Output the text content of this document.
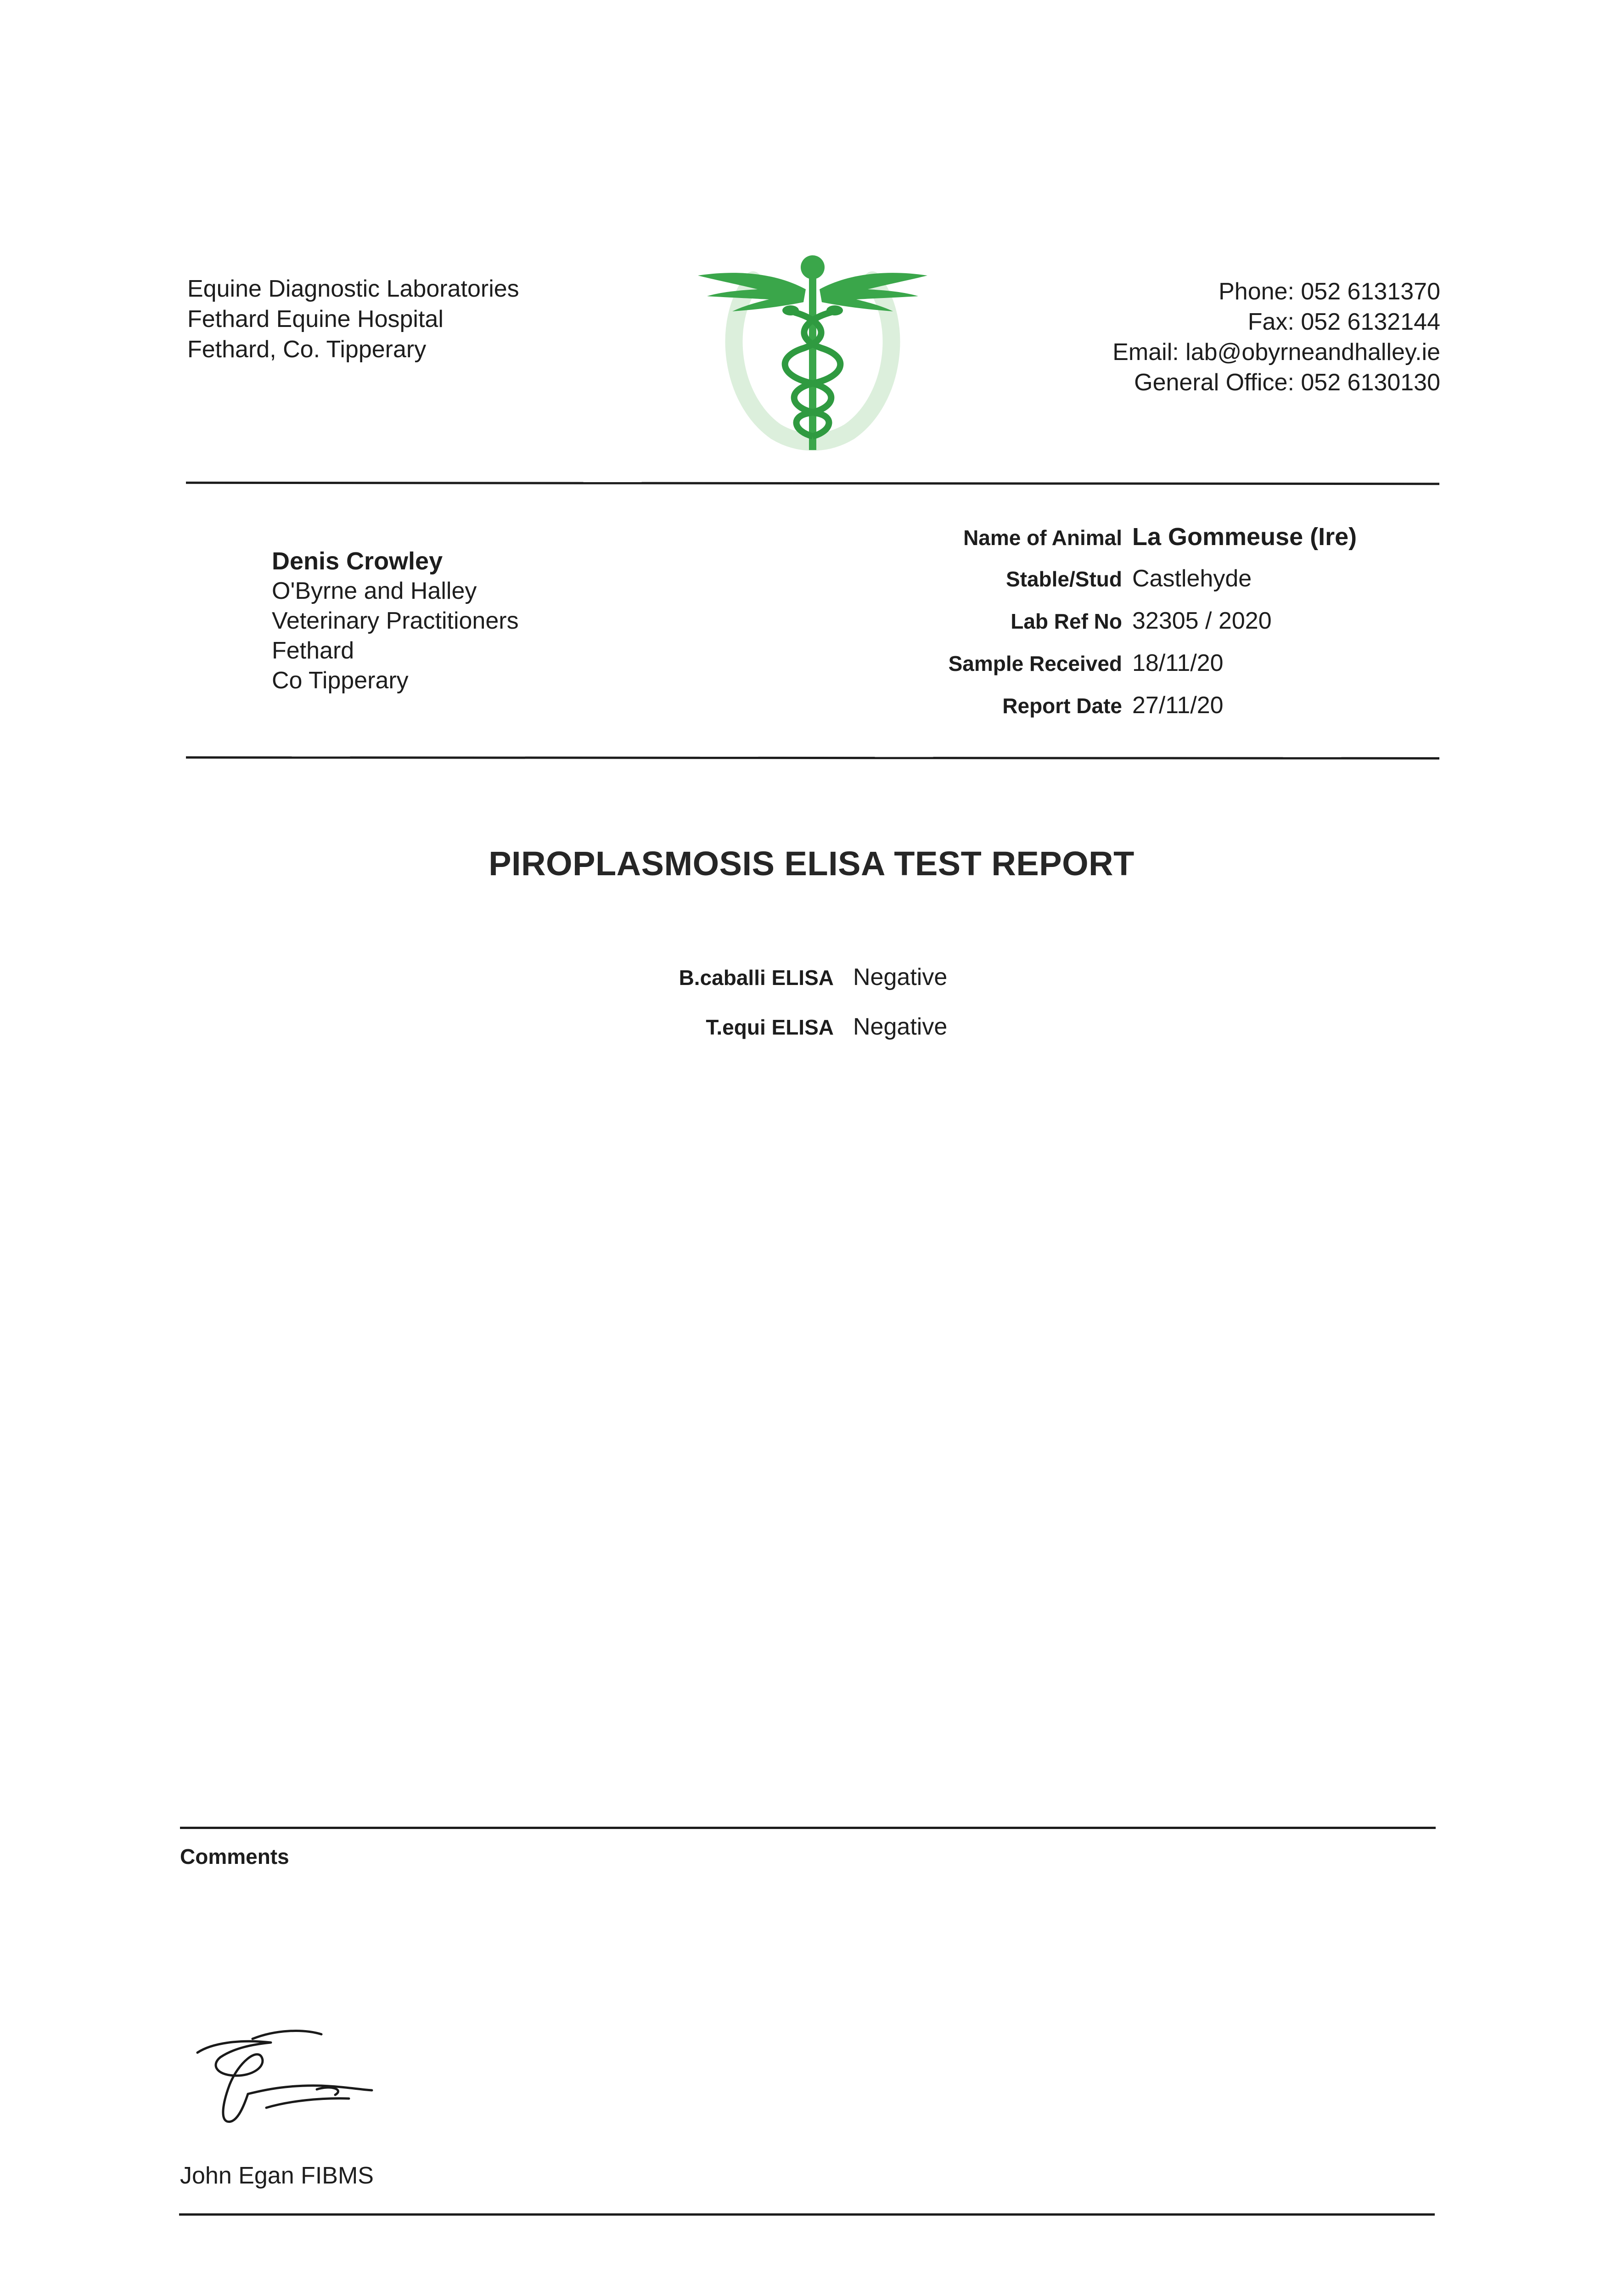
Equine Diagnostic Laboratories
Fethard Equine Hospital
Fethard, Co. Tipperary
Phone: 052 6131370
Fax: 052 6132144
Email: lab@obyrneandhalley.ie
General Office: 052 6130130
Denis Crowley
O'Byrne and Halley
Veterinary Practitioners
Fethard
Co Tipperary
Name of Animal La Gommeuse (Ire)
Stable/Stud Castlehyde
Lab Ref No 32305 / 2020
Sample Received 18/11/20
Report Date 27/11/20
PIROPLASMOSIS ELISA TEST REPORT
B.caballi ELISA Negative
T.equi ELISA Negative
Comments
John Egan FIBMS
